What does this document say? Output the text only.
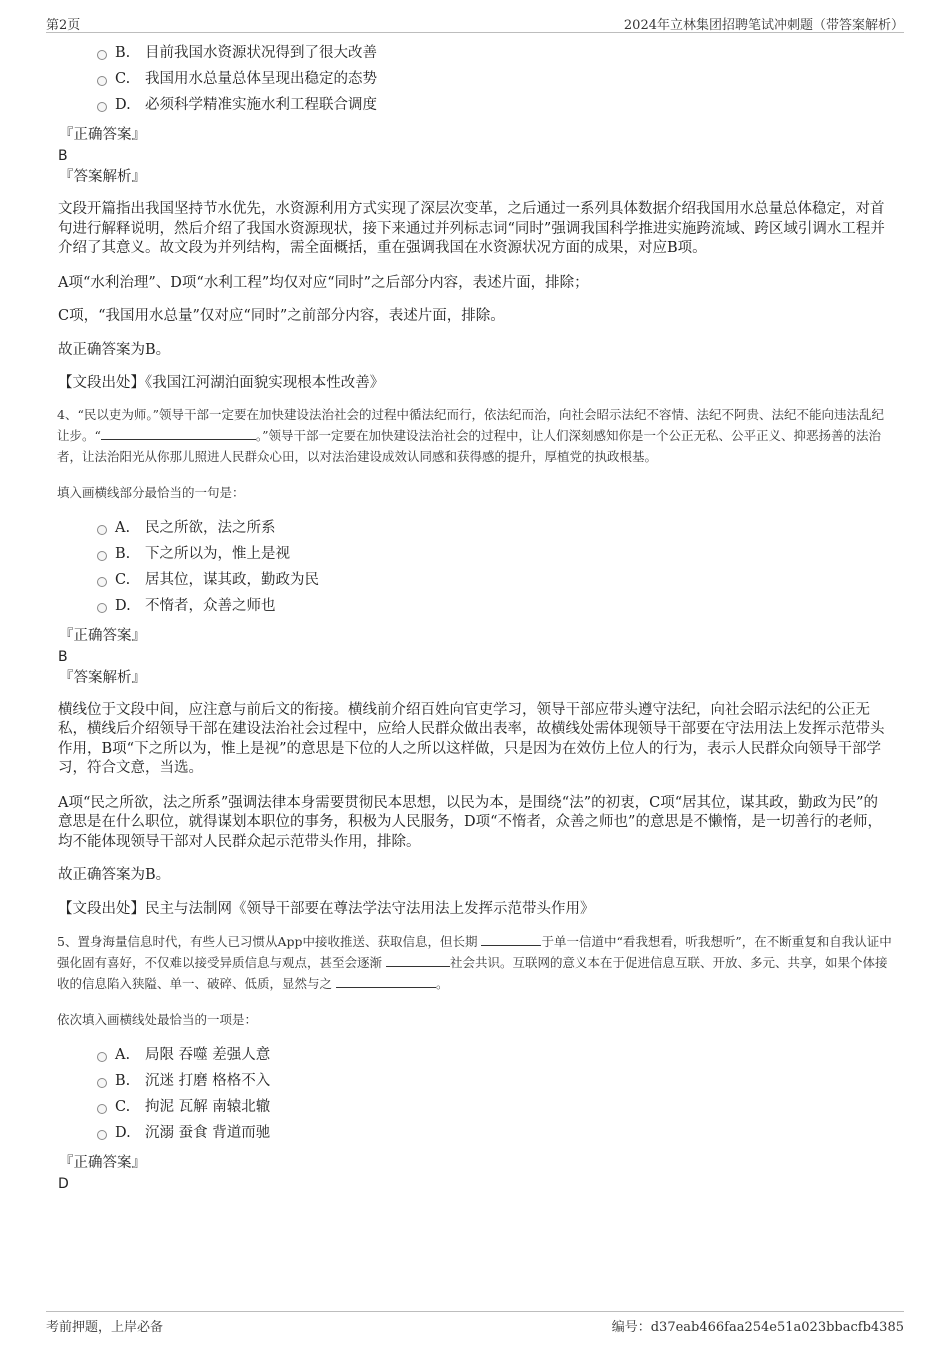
第2页	2024年立林集团招聘笔试冲刺题（带答案解析）
B. 目前我国水资源状况得到了很大改善
C. 我国用水总量总体呈现出稳定的态势
D. 必须科学精准实施水利工程联合调度
『正确答案』
B
『答案解析』

文段开篇指出我国坚持节水优先，水资源利用方式实现了深层次变革，之后通过一系列具体数据介绍我国用水总量总体稳定，对首句进行解释说明，然后介绍了我国水资源现状，接下来通过并列标志词“同时”强调我国科学推进实施跨流域、跨区域引调水工程并介绍了其意义。故文段为并列结构，需全面概括，重在强调我国在水资源状况方面的成果，对应B项。

A项“水利治理”、D项“水利工程”均仅对应“同时”之后部分内容，表述片面，排除；

C项，“我国用水总量”仅对应“同时”之前部分内容，表述片面，排除。

故正确答案为B。

【文段出处】《我国江河湖泊面貌实现根本性改善》

4、“民以吏为师。”领导干部一定要在加快建设法治社会的过程中循法纪而行，依法纪而治，向社会昭示法纪不容情、法纪不阿贵、法纪不能向违法乱纪让步。“	。”领导干部一定要在加快建设法治社会的过程中，让人们深刻感知你是一个公正无私、公平正义、抑恶扬善的法治者，让法治阳光从你那儿照进人民群众心田，以对法治建设成效认同感和获得感的提升，厚植党的执政根基。

填入画横线部分最恰当的一句是：

A. 民之所欲，法之所系
B. 下之所以为，惟上是视
C. 居其位，谋其政，勤政为民
D. 不惰者，众善之师也
『正确答案』
B
『答案解析』

横线位于文段中间，应注意与前后文的衔接。横线前介绍百姓向官吏学习，领导干部应带头遵守法纪，向社会昭示法纪的公正无私，横线后介绍领导干部在建设法治社会过程中，应给人民群众做出表率，故横线处需体现领导干部要在守法用法上发挥示范带头作用，B项“下之所以为，惟上是视”的意思是下位的人之所以这样做，只是因为在效仿上位人的行为，表示人民群众向领导干部学习，符合文意，当选。

A项“民之所欲，法之所系”强调法律本身需要贯彻民本思想，以民为本，是围绕“法”的初衷，C项“居其位，谋其政，勤政为民”的意思是在什么职位，就得谋划本职位的事务，积极为人民服务，D项“不惰者，众善之师也”的意思是不懒惰，是一切善行的老师，均不能体现领导干部对人民群众起示范带头作用，排除。

故正确答案为B。

【文段出处】民主与法制网《领导干部要在尊法学法守法用法上发挥示范带头作用》

5、置身海量信息时代，有些人已习惯从App中接收推送、获取信息，但长期	于单一信道中“看我想看，听我想听”，在不断重复和自我认证中强化固有喜好，不仅难以接受异质信息与观点，甚至会逐渐	社会共识。互联网的意义本在于促进信息互联、开放、多元、共享，如果个体接收的信息陷入狭隘、单一、破碎、低质，显然与之	。

依次填入画横线处最恰当的一项是：

A. 局限 吞噬 差强人意
B. 沉迷 打磨 格格不入
C. 拘泥 瓦解 南辕北辙
D. 沉溺 蚕食 背道而驰
『正确答案』
D
考前押题，上岸必备	编号：d37eab466faa254e51a023bbacfb4385
